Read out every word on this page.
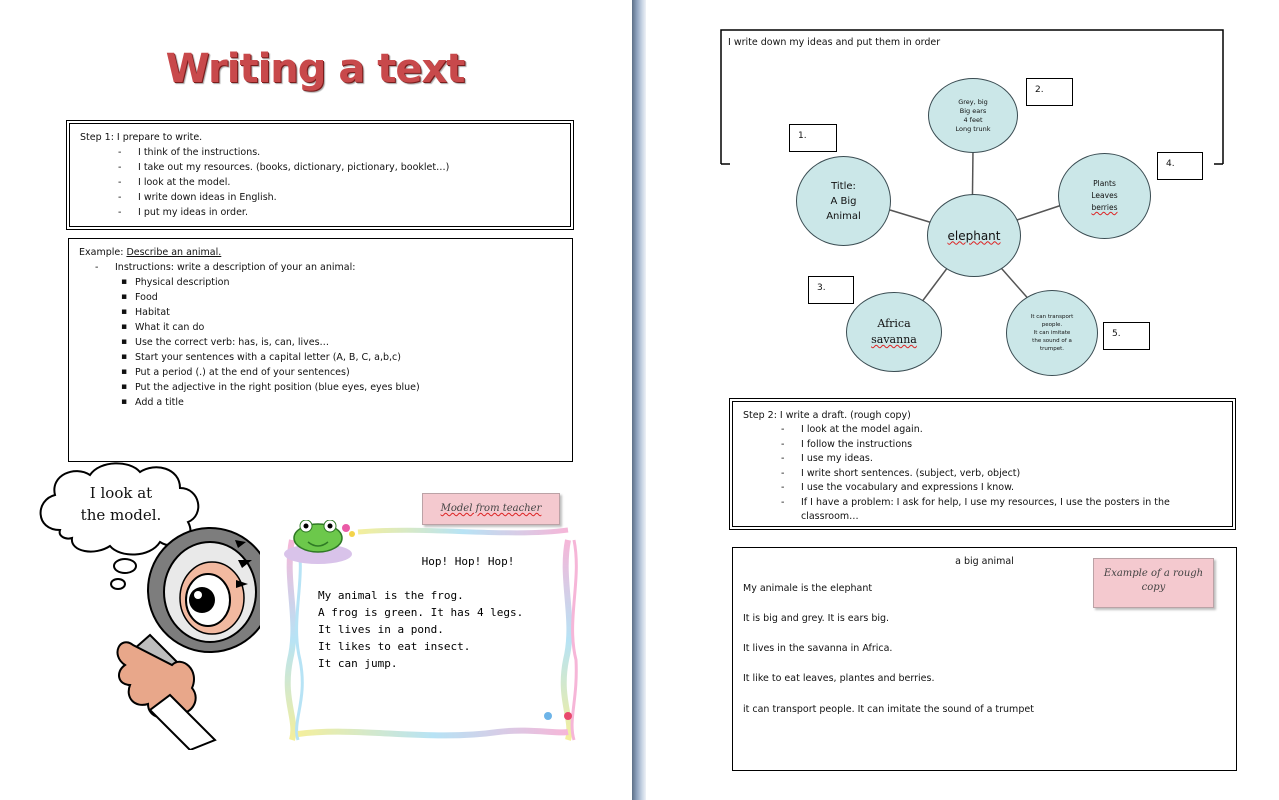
Writing a text
Step 1: I prepare to write.
- I think of the instructions.
- I take out my resources. (books, dictionary, pictionary, booklet…)
- I look at the model.
- I write down ideas in English.
- I put my ideas in order.
Example: Describe an animal.
- Instructions: write a description of your an animal:
▪ Physical description
▪ Food
▪ Habitat
▪ What it can do
▪ Use the correct verb: has, is, can, lives…
▪ Start your sentences with a capital letter (A, B, C, a,b,c)
▪ Put a period (.) at the end of your sentences)
▪ Put the adjective in the right position (blue eyes, eyes blue)
▪ Add a title
I look at
the model.	Model from teacher
Hop! Hop! Hop!
My animal is the frog.
A frog is green. It has 4 legs.
It lives in a pond.
It likes to eat insect.
It can jump.
I write down my ideas and put them in order
Grey, big
Big ears
4 feet
Long trunk
Title:
A Big
Animal
Plants
Leaves
berries
elephant
Africa
savanna
It can transport
people.
It can imitate
the sound of a
trumpet.
1.
2.
3.
4.
5.
Step 2: I write a draft. (rough copy)
- I look at the model again.
- I follow the instructions
- I use my ideas.
- I write short sentences. (subject, verb, object)
- I use the vocabulary and expressions I know.
- If I have a problem: I ask for help, I use my resources, I use the posters in the classroom…
a big animal
My animale is the elephant
It is big and grey. It is ears big.
It lives in the savanna in Africa.
It like to eat leaves, plantes and berries.
it can transport people. It can imitate the sound of a trumpet
Example of a rough copy
